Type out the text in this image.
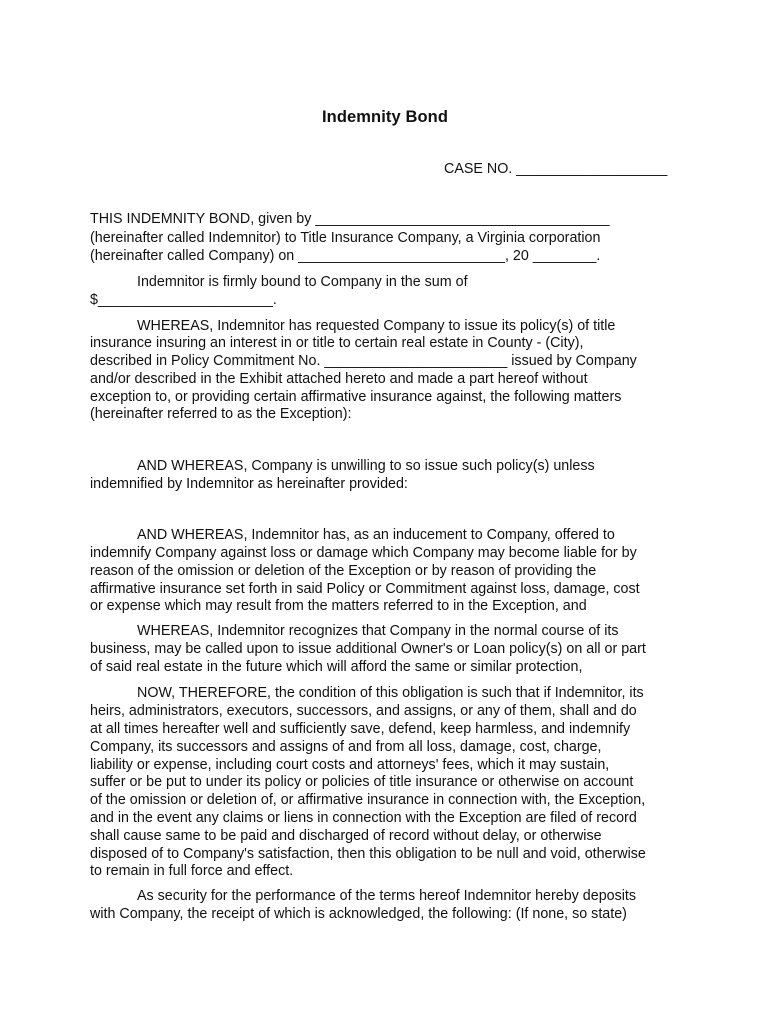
Indemnity Bond
CASE NO. ___________________
THIS INDEMNITY BOND, given by _____________________________________
(hereinafter called Indemnitor) to Title Insurance Company, a Virginia corporation
(hereinafter called Company) on __________________________, 20 ________.
Indemnitor is firmly bound to Company in the sum of
$______________________.
WHEREAS, Indemnitor has requested Company to issue its policy(s) of title
insurance insuring an interest in or title to certain real estate in County - (City),
described in Policy Commitment No. _______________________ issued by Company
and/or described in the Exhibit attached hereto and made a part hereof without
exception to, or providing certain affirmative insurance against, the following matters
(hereinafter referred to as the Exception):
AND WHEREAS, Company is unwilling to so issue such policy(s) unless
indemnified by Indemnitor as hereinafter provided:
AND WHEREAS, Indemnitor has, as an inducement to Company, offered to
indemnify Company against loss or damage which Company may become liable for by
reason of the omission or deletion of the Exception or by reason of providing the
affirmative insurance set forth in said Policy or Commitment against loss, damage, cost
or expense which may result from the matters referred to in the Exception, and
WHEREAS, Indemnitor recognizes that Company in the normal course of its
business, may be called upon to issue additional Owner's or Loan policy(s) on all or part
of said real estate in the future which will afford the same or similar protection,
NOW, THEREFORE, the condition of this obligation is such that if Indemnitor, its
heirs, administrators, executors, successors, and assigns, or any of them, shall and do
at all times hereafter well and sufficiently save, defend, keep harmless, and indemnify
Company, its successors and assigns of and from all loss, damage, cost, charge,
liability or expense, including court costs and attorneys' fees, which it may sustain,
suffer or be put to under its policy or policies of title insurance or otherwise on account
of the omission or deletion of, or affirmative insurance in connection with, the Exception,
and in the event any claims or liens in connection with the Exception are filed of record
shall cause same to be paid and discharged of record without delay, or otherwise
disposed of to Company's satisfaction, then this obligation to be null and void, otherwise
to remain in full force and effect.
As security for the performance of the terms hereof Indemnitor hereby deposits
with Company, the receipt of which is acknowledged, the following: (If none, so state)
